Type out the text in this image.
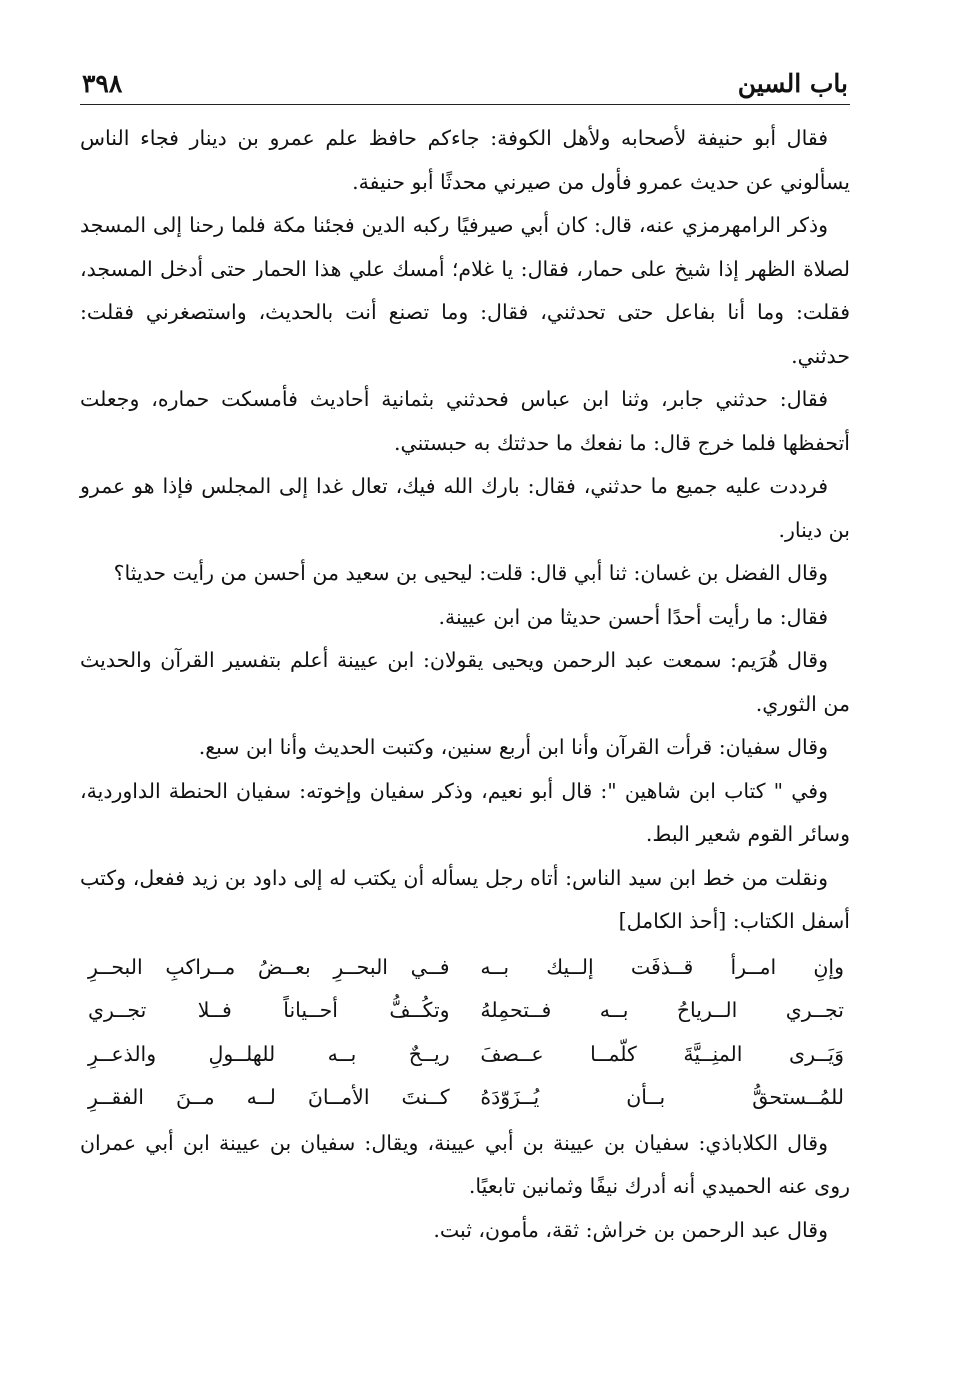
باب السين
٣٩٨

فقال أبو حنيفة لأصحابه ولأهل الكوفة: جاءكم حافظ علم عمرو بن دينار فجاء الناس يسألوني عن حديث عمرو فأول من صيرني محدثًا أبو حنيفة.

وذكر الرامهرمزي عنه، قال: كان أبي صيرفيًا ركبه الدين فجئنا مكة فلما رحنا إلى المسجد لصلاة الظهر إذا شيخ على حمار، فقال: يا غلام؛ أمسك علي هذا الحمار حتى أدخل المسجد، فقلت: وما أنا بفاعل حتى تحدثني، فقال: وما تصنع أنت بالحديث، واستصغرني فقلت: حدثني.

فقال: حدثني جابر، وثنا ابن عباس فحدثني بثمانية أحاديث فأمسكت حماره، وجعلت أتحفظها فلما خرج قال: ما نفعك ما حدثتك به حبستني.

فرددت عليه جميع ما حدثني، فقال: بارك الله فيك، تعال غدا إلى المجلس فإذا هو عمرو بن دينار.

وقال الفضل بن غسان: ثنا أبي قال: قلت: ليحيى بن سعيد من أحسن من رأيت حديثا؟

فقال: ما رأيت أحدًا أحسن حديثا من ابن عيينة.

وقال هُرَيم: سمعت عبد الرحمن ويحيى يقولان: ابن عيينة أعلم بتفسير القرآن والحديث من الثوري.

وقال سفيان: قرأت القرآن وأنا ابن أربع سنين، وكتبت الحديث وأنا ابن سبع.

وفي " كتاب ابن شاهين ": قال أبو نعيم، وذكر سفيان وإخوته: سفيان الحنطة الداوردية، وسائر القوم شعير البط.

ونقلت من خط ابن سيد الناس: أتاه رجل يسأله أن يكتب له إلى داود بن زيد ففعل، وكتب أسفل الكتاب: [أحذ الكامل]

وإنِ امــرأ قــذفَت إلــيك بــه
فــي البحــرِ بعــضُ مــراكبِ البحــرِ
تجــري الــرياحُ بــه فــتحمِلهُ
وتكُــفُّ أحــياناً فــلا تجــري
وَيَــرى المنِــيَّةَ كلّمــا عــصفَ
ريــحٌ بــه للهلــولِ والذعــرِ
للمُــستحقُّ بــأن يُــزَوّدَهُ
كــنتَ الأمــانَ لــه مــنَ الفقــرِ

وقال الكلاباذي: سفيان بن عيينة بن أبي عيينة، ويقال: سفيان بن عيينة ابن أبي عمران روى عنه الحميدي أنه أدرك نيفًا وثمانين تابعيًا.

وقال عبد الرحمن بن خراش: ثقة، مأمون، ثبت.
